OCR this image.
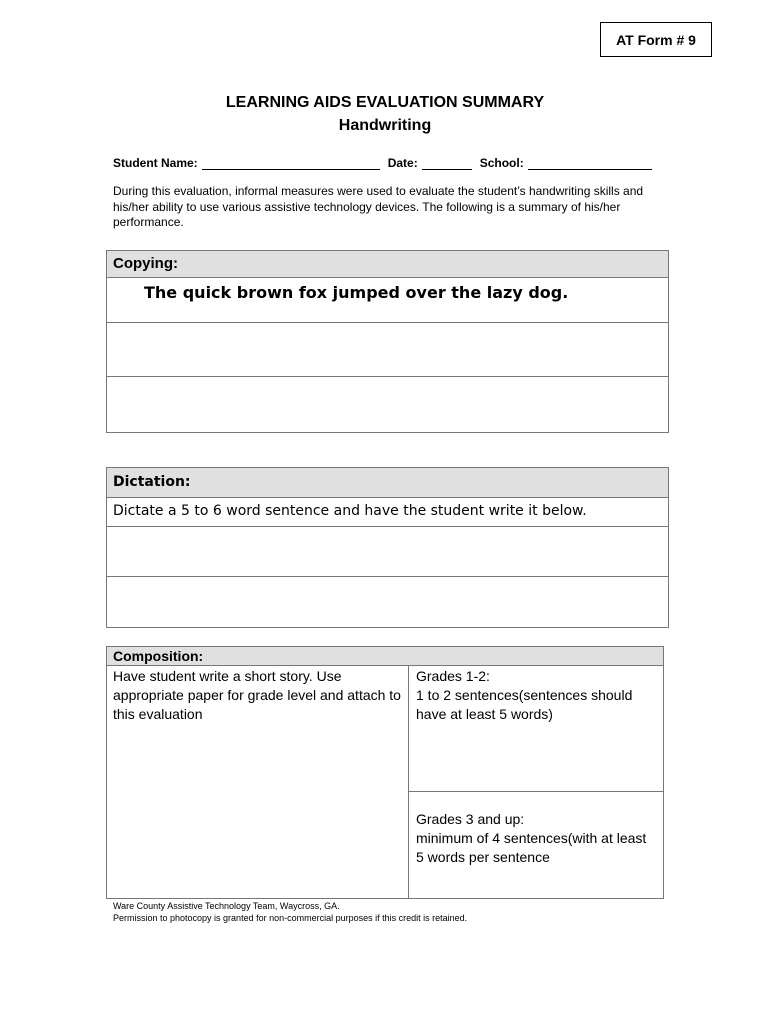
AT Form # 9
LEARNING AIDS EVALUATION SUMMARY
Handwriting
Student Name:	Date:	School:
During this evaluation, informal measures were used to evaluate the student’s handwriting skills and his/her ability to use various assistive technology devices. The following is a summary of his/her performance.
Copying:
The quick brown fox jumped over the lazy dog.
Dictation:
Dictate a 5 to 6 word sentence and have the student write it below.
Composition:
Have student write a short story. Use appropriate paper for grade level and attach to this evaluation
Grades 1-2:
1 to 2 sentences(sentences should have at least 5 words)
Grades 3 and up:
minimum of 4 sentences(with at least 5 words per sentence
Ware County Assistive Technology Team, Waycross, GA.
Permission to photocopy is granted for non-commercial purposes if this credit is retained.
